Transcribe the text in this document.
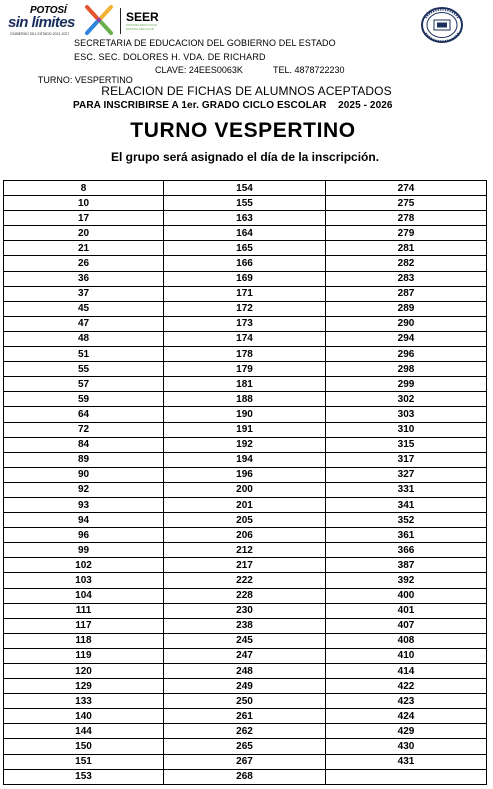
POTOSÍ
sin límites
GOBIERNO DEL ESTADO 2021-2027
SEER
SISTEMA EDUCATIVO ESTATAL REGULAR
SECRETARIA DE EDUCACION DEL GOBIERNO DEL ESTADO
ESC. SEC. DOLORES H. VDA. DE RICHARD

TURNO: VESPERTINO

CLAVE: 24EES0063K

	TEL. 4878722230

RELACION DE FICHAS DE ALUMNOS ACEPTADOS
PARA INSCRIBIRSE A 1er. GRADO CICLO ESCOLAR    2025 - 2026
TURNO VESPERTINO
El grupo será asignado el día de la inscripción.
8	154	274
10	155	275
17	163	278
20	164	279
21	165	281
26	166	282
36	169	283
37	171	287
45	172	289
47	173	290
48	174	294
51	178	296
55	179	298
57	181	299
59	188	302
64	190	303
72	191	310
84	192	315
89	194	317
90	196	327
92	200	331
93	201	341
94	205	352
96	206	361
99	212	366
102	217	387
103	222	392
104	228	400
111	230	401
117	238	407
118	245	408
119	247	410
120	248	414
129	249	422
133	250	423
140	261	424
144	262	429
150	265	430
151	267	431
153	268	
